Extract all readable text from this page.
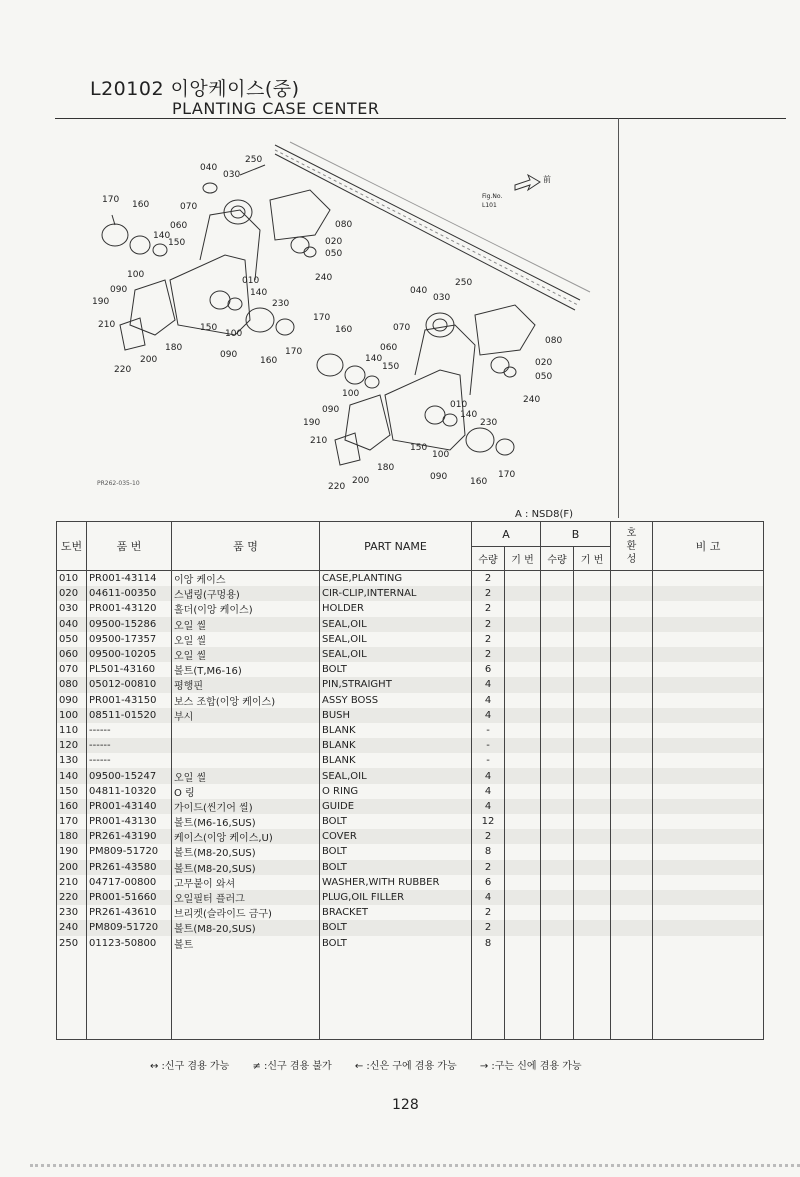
L20102 이앙케이스(중)
PLANTING CASE CENTER
Fig.No.
L101
前
040
030
250
170 160	070
060
140
150
080
020
050
100
010	240
090	140
190	230
210	150
100
180
090	170
200	160
220
250
040
030
170
160	070
080
060
140
150	020
050
100
010	240
090	140
190	230
210
150
100
180
090	160
170
200
220
PR262-035-10
A : NSD8(F)
도번	품 번	품 명	PART NAME	A		B		호환성	비 고
				수량	기 번	수량	기 번		
010	PR001-43114	이앙 케이스	CASE,PLANTING	2					
020	04611-00350	스냅링(구멍용)	CIR-CLIP,INTERNAL	2					
030	PR001-43120	홀더(이앙 케이스)	HOLDER	2					
040	09500-15286	오일 씰	SEAL,OIL	2					
050	09500-17357	오일 씰	SEAL,OIL	2					
060	09500-10205	오일 씰	SEAL,OIL	2					
070	PL501-43160	볼트(T,M6-16)	BOLT	6					
080	05012-00810	평행핀	PIN,STRAIGHT	4					
090	PR001-43150	보스 조합(이앙 케이스)	ASSY BOSS	4					
100	08511-01520	부시	BUSH	4					
110	------		BLANK	-					
120	------		BLANK	-					
130	------		BLANK	-					
140	09500-15247	오일 씰	SEAL,OIL	4					
150	04811-10320	O 링	O RING	4					
160	PR001-43140	가이드(씬기어 씰)	GUIDE	4					
170	PR001-43130	볼트(M6-16,SUS)	BOLT	12					
180	PR261-43190	케이스(이앙 케이스,U)	COVER	2					
190	PM809-51720	볼트(M8-20,SUS)	BOLT	8					
200	PR261-43580	볼트(M8-20,SUS)	BOLT	2					
210	04717-00800	고무붙이 와셔	WASHER,WITH RUBBER	6					
220	PR001-51660	오일필터 플러그	PLUG,OIL FILLER	4					
230	PR261-43610	브리켓(슬라이드 금구)	BRACKET	2					
240	PM809-51720	볼트(M8-20,SUS)	BOLT	2					
250	01123-50800	볼트	BOLT	8					

↔ :신구 겸용 가능 ≠ :신구 겸용 불가 ← :신은 구에 겸용 가능 → :구는 신에 겸용 가능
128
